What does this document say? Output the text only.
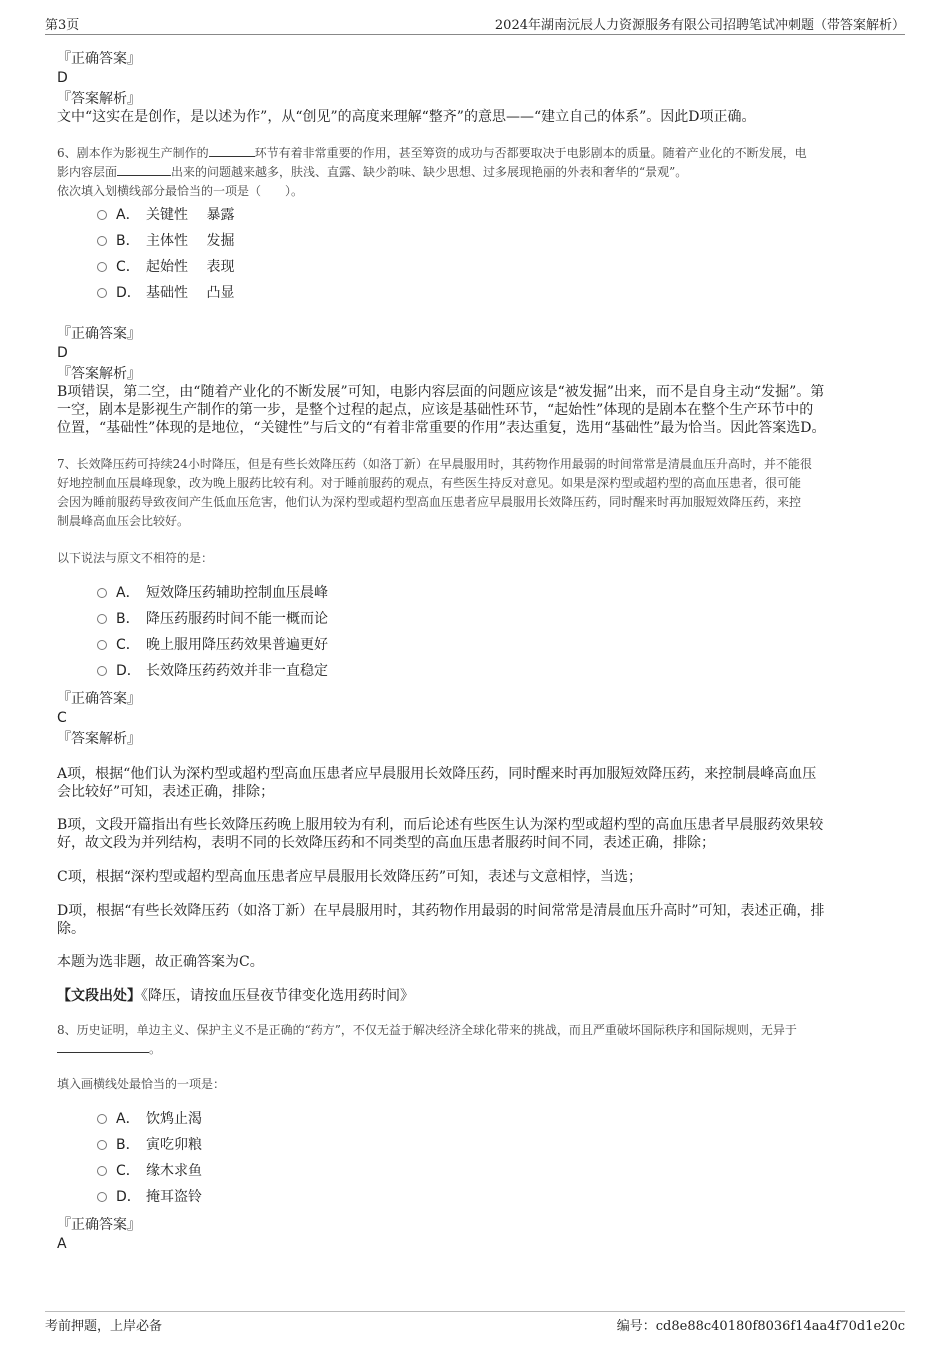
第3页	2024年湖南沅辰人力资源服务有限公司招聘笔试冲刺题（带答案解析）
『正确答案』
D
『答案解析』
文中“这实在是创作，是以述为作”，从“创见”的高度来理解“整齐”的意思——“建立自己的体系”。因此D项正确。
6、剧本作为影视生产制作的	环节有着非常重要的作用，甚至筹资的成功与否都要取决于电影剧本的质量。随着产业化的不断发展，电
影内容层面	出来的问题越来越多，肤浅、直露、缺少韵味、缺少思想、过多展现艳丽的外表和奢华的“景观”。
依次填入划横线部分最恰当的一项是（　　）。
A． 关键性　 暴露
B． 主体性　 发掘
C． 起始性　 表现
D． 基础性　 凸显
『正确答案』
D
『答案解析』
B项错误，第二空，由“随着产业化的不断发展”可知，电影内容层面的问题应该是“被发掘”出来，而不是自身主动“发掘”。第
一空，剧本是影视生产制作的第一步，是整个过程的起点，应该是基础性环节，“起始性”体现的是剧本在整个生产环节中的
位置，“基础性”体现的是地位，“关键性”与后文的“有着非常重要的作用”表达重复，选用“基础性”最为恰当。因此答案选D。
7、长效降压药可持续24小时降压，但是有些长效降压药（如洛丁新）在早晨服用时，其药物作用最弱的时间常常是清晨血压升高时，并不能很
好地控制血压晨峰现象，改为晚上服药比较有利。对于睡前服药的观点，有些医生持反对意见。如果是深杓型或超杓型的高血压患者，很可能
会因为睡前服药导致夜间产生低血压危害，他们认为深杓型或超杓型高血压患者应早晨服用长效降压药，同时醒来时再加服短效降压药，来控
制晨峰高血压会比较好。
以下说法与原文不相符的是：
A． 短效降压药辅助控制血压晨峰
B． 降压药服药时间不能一概而论
C． 晚上服用降压药效果普遍更好
D． 长效降压药药效并非一直稳定
『正确答案』
C
『答案解析』
A项，根据“他们认为深杓型或超杓型高血压患者应早晨服用长效降压药，同时醒来时再加服短效降压药，来控制晨峰高血压
会比较好”可知，表述正确，排除；
B项，文段开篇指出有些长效降压药晚上服用较为有利，而后论述有些医生认为深杓型或超杓型的高血压患者早晨服药效果较
好，故文段为并列结构，表明不同的长效降压药和不同类型的高血压患者服药时间不同，表述正确，排除；
C项，根据“深杓型或超杓型高血压患者应早晨服用长效降压药”可知，表述与文意相悖，当选；
D项，根据“有些长效降压药（如洛丁新）在早晨服用时，其药物作用最弱的时间常常是清晨血压升高时”可知，表述正确，排
除。
本题为选非题，故正确答案为C。
【文段出处】《降压，请按血压昼夜节律变化选用药时间》
8、历史证明，单边主义、保护主义不是正确的“药方”，不仅无益于解决经济全球化带来的挑战，而且严重破坏国际秩序和国际规则，无异于
。
填入画横线处最恰当的一项是：
A． 饮鸩止渴
B． 寅吃卯粮
C． 缘木求鱼
D． 掩耳盗铃
『正确答案』
A
考前押题，上岸必备	编号：cd8e88c40180f8036f14aa4f70d1e20c
